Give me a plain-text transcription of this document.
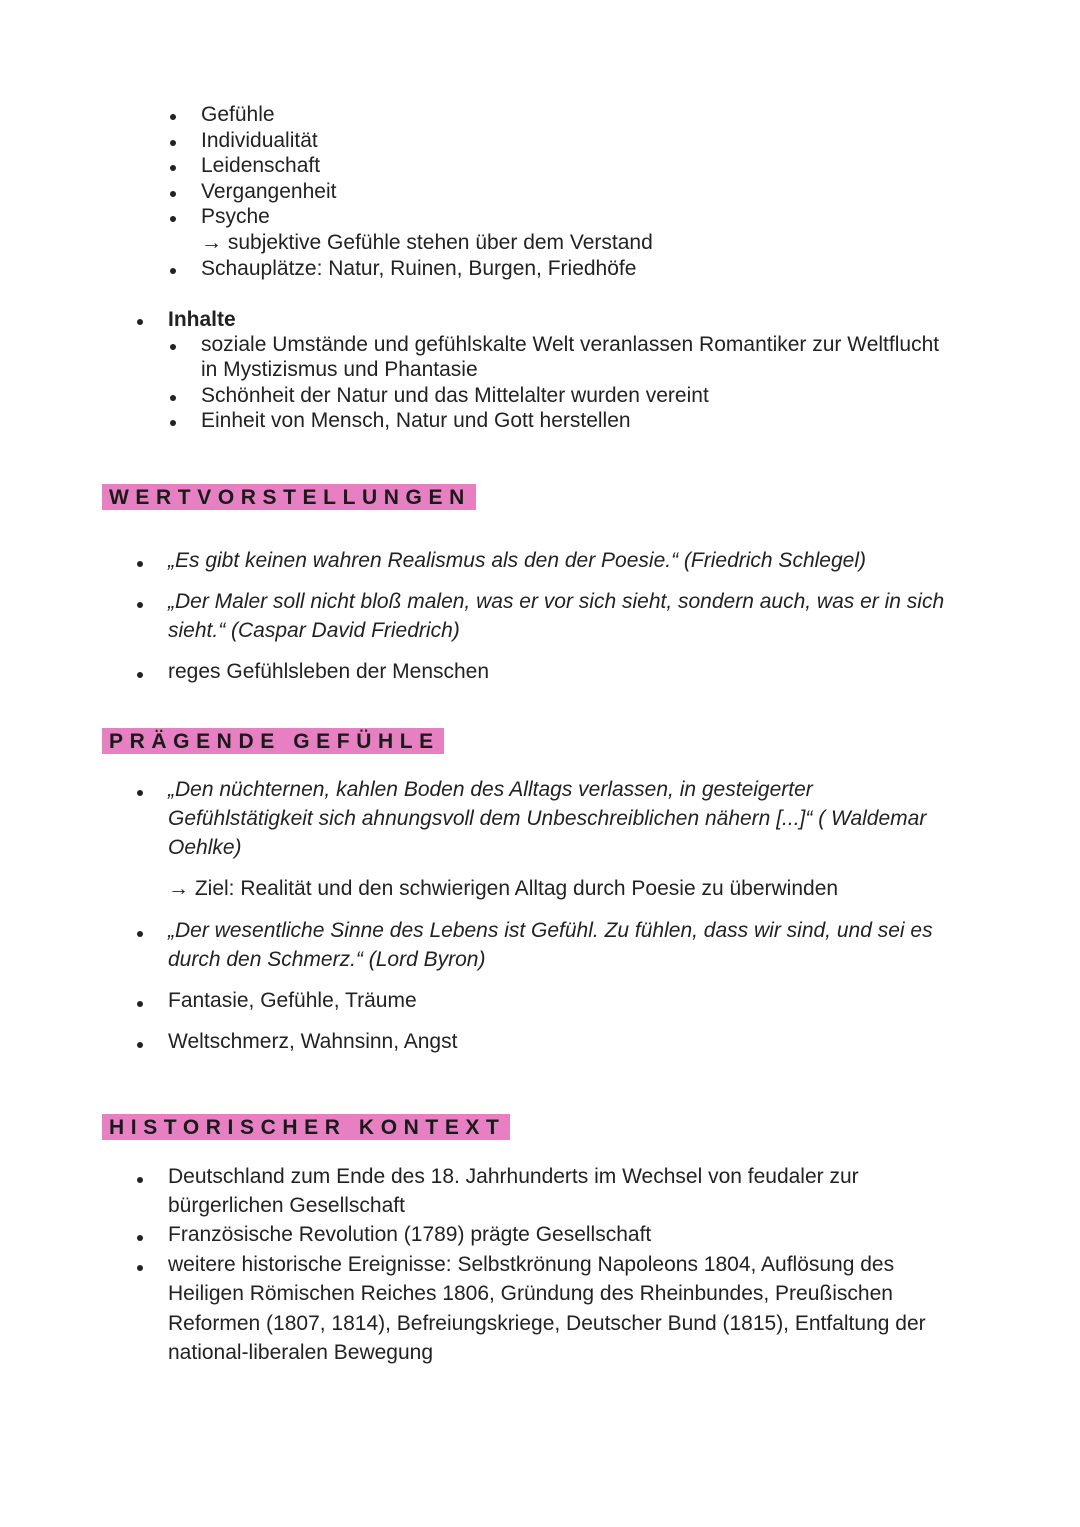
Gefühle
Individualität
Leidenschaft
Vergangenheit
Psyche
→ subjektive Gefühle stehen über dem Verstand
Schauplätze: Natur, Ruinen, Burgen, Friedhöfe
Inhalte
soziale Umstände und gefühlskalte Welt veranlassen Romantiker zur Weltflucht
in Mystizismus und Phantasie
Schönheit der Natur und das Mittelalter wurden vereint
Einheit von Mensch, Natur und Gott herstellen
WERTVORSTELLUNGEN
„Es gibt keinen wahren Realismus als den der Poesie.“ (Friedrich Schlegel)
„Der Maler soll nicht bloß malen, was er vor sich sieht, sondern auch, was er in sich
sieht.“ (Caspar David Friedrich)
reges Gefühlsleben der Menschen
PRÄGENDE GEFÜHLE
„Den nüchternen, kahlen Boden des Alltags verlassen, in gesteigerter
Gefühlstätigkeit sich ahnungsvoll dem Unbeschreiblichen nähern [...]“ ( Waldemar
Oehlke)
→ Ziel: Realität und den schwierigen Alltag durch Poesie zu überwinden
„Der wesentliche Sinne des Lebens ist Gefühl. Zu fühlen, dass wir sind, und sei es
durch den Schmerz.“ (Lord Byron)
Fantasie, Gefühle, Träume
Weltschmerz, Wahnsinn, Angst
HISTORISCHER KONTEXT
Deutschland zum Ende des 18. Jahrhunderts im Wechsel von feudaler zur
bürgerlichen Gesellschaft
Französische Revolution (1789) prägte Gesellschaft
weitere historische Ereignisse: Selbstkrönung Napoleons 1804, Auflösung des
Heiligen Römischen Reiches 1806, Gründung des Rheinbundes, Preußischen
Reformen (1807, 1814), Befreiungskriege, Deutscher Bund (1815), Entfaltung der
national-liberalen Bewegung
